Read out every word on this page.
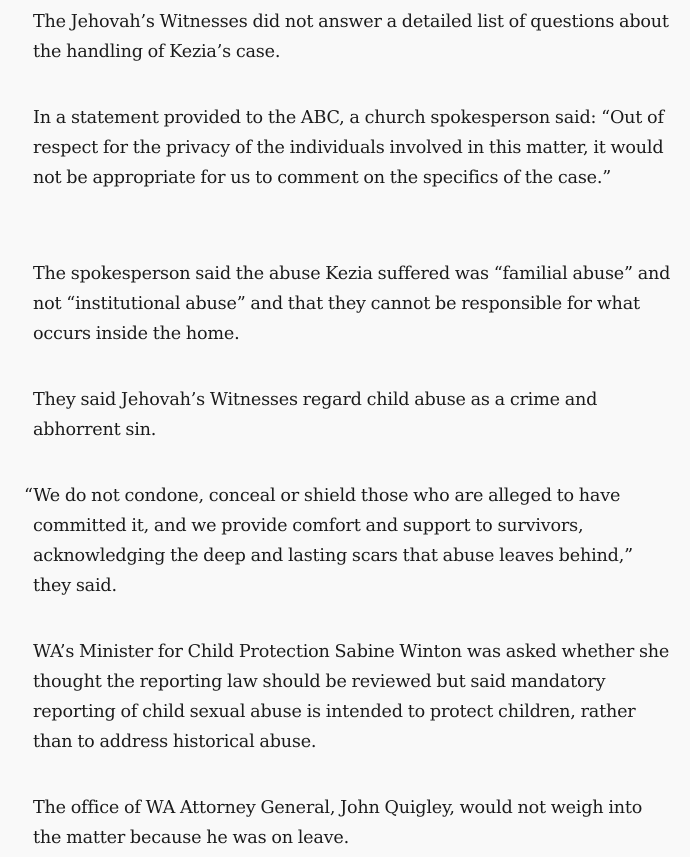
The Jehovah’s Witnesses did not answer a detailed list of questions about the handling of Kezia’s case.

In a statement provided to the ABC, a church spokesperson said: “Out of respect for the privacy of the individuals involved in this matter, it would not be appropriate for us to comment on the specifics of the case.”

The spokesperson said the abuse Kezia suffered was “familial abuse” and not “institutional abuse” and that they cannot be responsible for what occurs inside the home.

They said Jehovah’s Witnesses regard child abuse as a crime and abhorrent sin.

“We do not condone, conceal or shield those who are alleged to have committed it, and we provide comfort and support to survivors, acknowledging the deep and lasting scars that abuse leaves behind,” they said.

WA’s Minister for Child Protection Sabine Winton was asked whether she thought the reporting law should be reviewed but said mandatory reporting of child sexual abuse is intended to protect children, rather than to address historical abuse.

The office of WA Attorney General, John Quigley, would not weigh into the matter because he was on leave.
